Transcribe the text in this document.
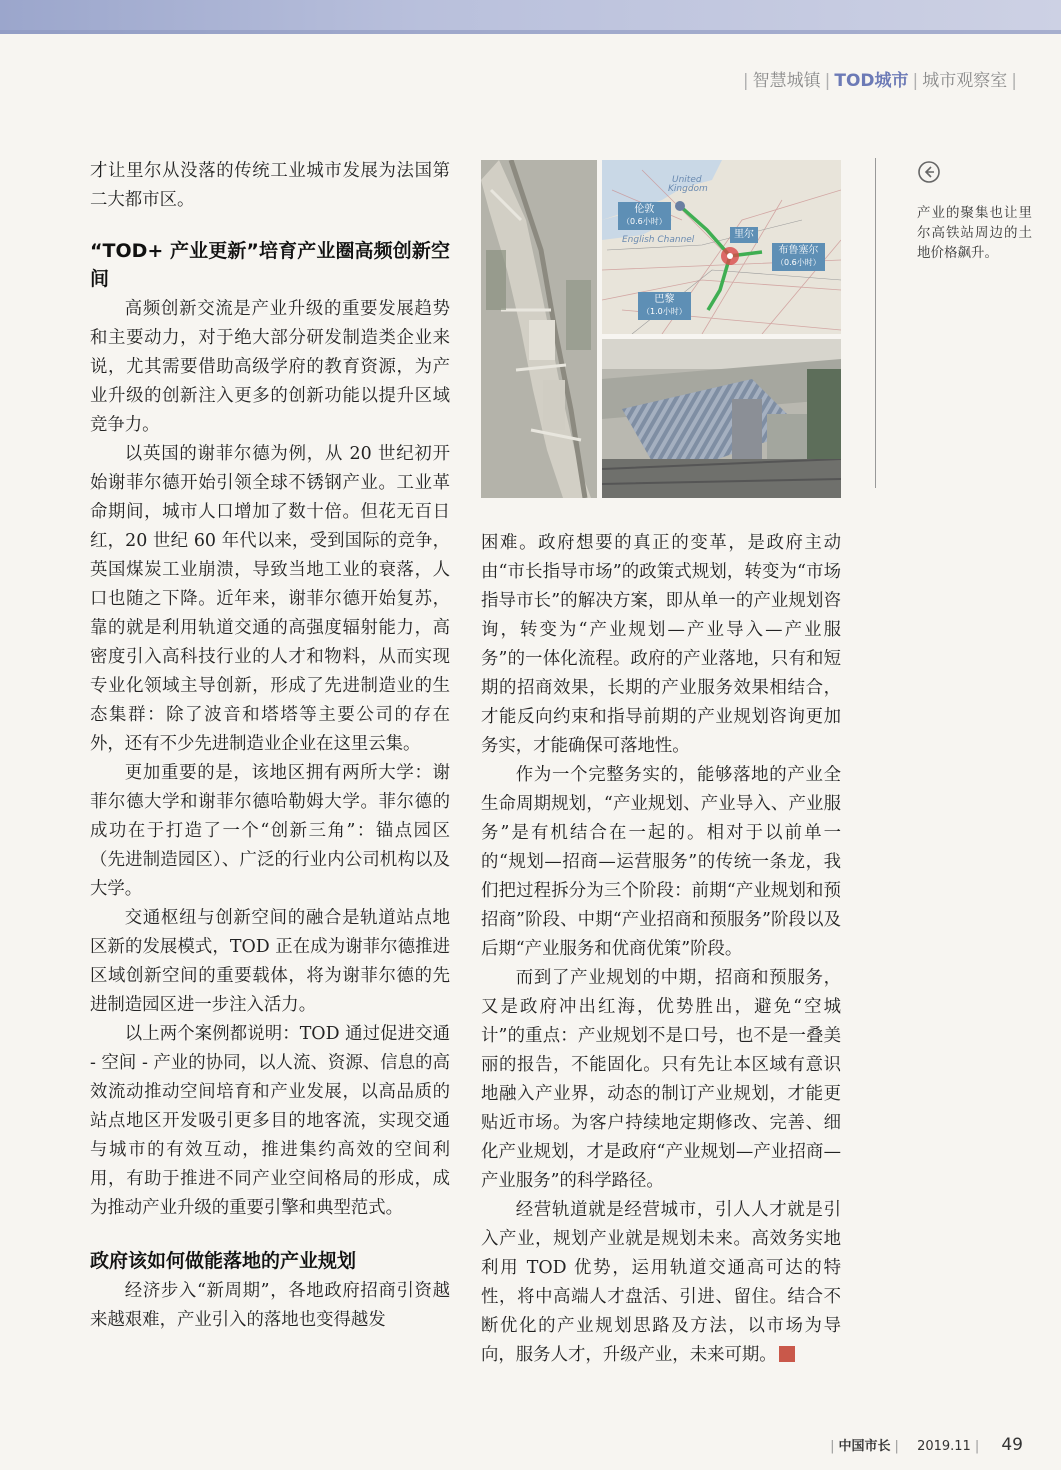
| 智慧城镇 | TOD城市 | 城市观察室 |

才让里尔从没落的传统工业城市发展为法国第二大都市区。

“TOD+ 产业更新”培育产业圈高频创新空间

高频创新交流是产业升级的重要发展趋势和主要动力，对于绝大部分研发制造类企业来说，尤其需要借助高级学府的教育资源，为产业升级的创新注入更多的创新功能以提升区域竞争力。

以英国的谢菲尔德为例，从 20 世纪初开始谢菲尔德开始引领全球不锈钢产业。工业革命期间，城市人口增加了数十倍。但花无百日红，20 世纪 60 年代以来，受到国际的竞争，英国煤炭工业崩溃，导致当地工业的衰落，人口也随之下降。近年来，谢菲尔德开始复苏，靠的就是利用轨道交通的高强度辐射能力，高密度引入高科技行业的人才和物料，从而实现专业化领域主导创新，形成了先进制造业的生态集群：除了波音和塔塔等主要公司的存在外，还有不少先进制造业企业在这里云集。

更加重要的是，该地区拥有两所大学：谢菲尔德大学和谢菲尔德哈勒姆大学。菲尔德的成功在于打造了一个“创新三角”：锚点园区（先进制造园区）、广泛的行业内公司机构以及大学。

交通枢纽与创新空间的融合是轨道站点地区新的发展模式，TOD 正在成为谢菲尔德推进区域创新空间的重要载体，将为谢菲尔德的先进制造园区进一步注入活力。

以上两个案例都说明：TOD 通过促进交通 - 空间 - 产业的协同，以人流、资源、信息的高效流动推动空间培育和产业发展，以高品质的站点地区开发吸引更多目的地客流，实现交通与城市的有效互动，推进集约高效的空间利用，有助于推进不同产业空间格局的形成，成为推动产业升级的重要引擎和典型范式。

政府该如何做能落地的产业规划

经济步入“新周期”，各地政府招商引资越来越艰难，产业引入的落地也变得越发

United
Kingdom
English Channel
伦敦
（0.6小时）
里尔
布鲁塞尔
（0.6小时）
巴黎
（1.0小时）

困难。政府想要的真正的变革，是政府主动由“市长指导市场”的政策式规划，转变为“市场指导市长”的解决方案，即从单一的产业规划咨询，转变为“产业规划—产业导入—产业服务”的一体化流程。政府的产业落地，只有和短期的招商效果，长期的产业服务效果相结合，才能反向约束和指导前期的产业规划咨询更加务实，才能确保可落地性。

作为一个完整务实的，能够落地的产业全生命周期规划，“产业规划、产业导入、产业服务”是有机结合在一起的。相对于以前单一的“规划—招商—运营服务”的传统一条龙，我们把过程拆分为三个阶段：前期“产业规划和预招商”阶段、中期“产业招商和预服务”阶段以及后期“产业服务和优商优策”阶段。

而到了产业规划的中期，招商和预服务，又是政府冲出红海，优势胜出，避免“空城计”的重点：产业规划不是口号，也不是一叠美丽的报告，不能固化。只有先让本区域有意识地融入产业界，动态的制订产业规划，才能更贴近市场。为客户持续地定期修改、完善、细化产业规划，才是政府“产业规划—产业招商—产业服务”的科学路径。

经营轨道就是经营城市，引人人才就是引入产业，规划产业就是规划未来。高效务实地利用 TOD 优势，运用轨道交通高可达的特性，将中高端人才盘活、引进、留住。结合不断优化的产业规划思路及方法，以市场为导向，服务人才，升级产业，未来可期。

产业的聚集也让里尔高铁站周边的土地价格飙升。
| 中国市长 | 2019.11 | 49
